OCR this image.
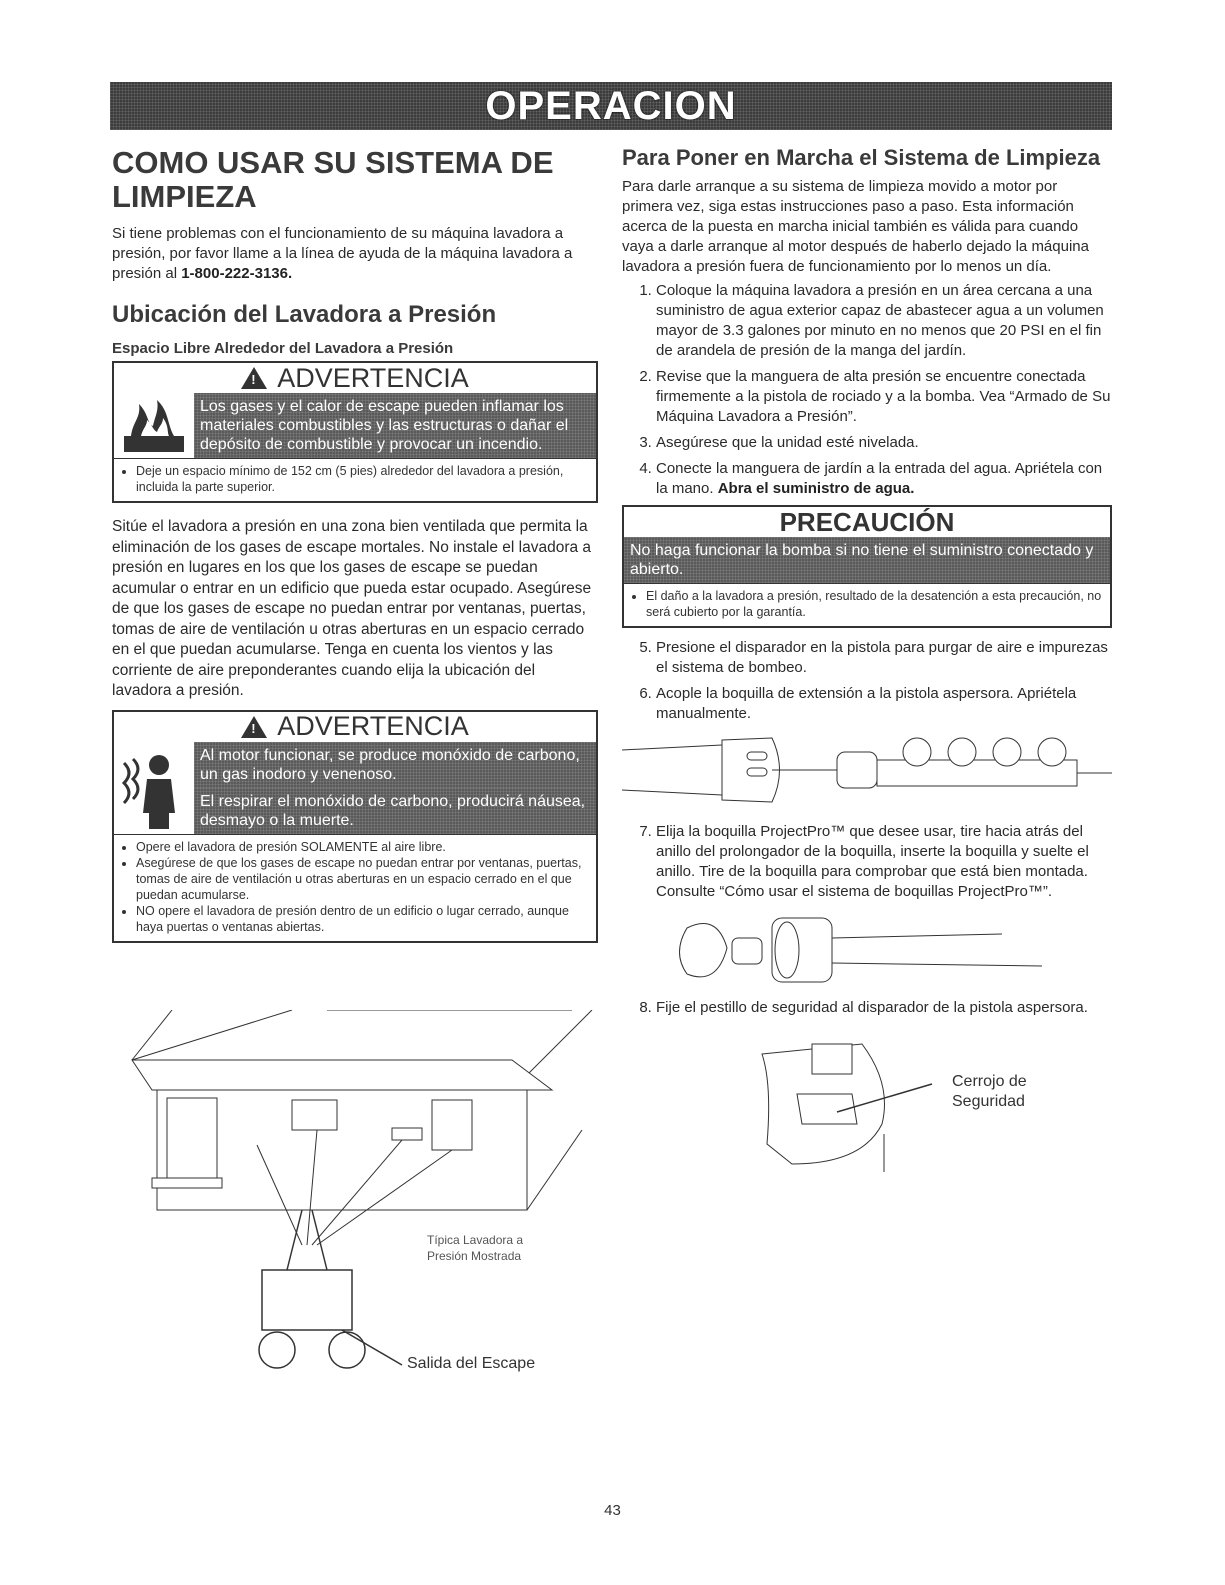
OPERACION
COMO USAR SU SISTEMA DE LIMPIEZA

Si tiene problemas con el funcionamiento de su máquina lavadora a presión, por favor llame a la línea de ayuda de la máquina lavadora a presión al 1-800-222-3136.

Ubicación del Lavadora a Presión
Espacio Libre Alrededor del Lavadora a Presión
!
ADVERTENCIA
Los gases y el calor de escape pueden inflamar los materiales combustibles y las estructuras o dañar el depósito de combustible y provocar un incendio.
• Deje un espacio mínimo de 152 cm (5 pies) alrededor del lavadora a presión, incluida la parte superior.

Sitúe el lavadora a presión en una zona bien ventilada que permita la eliminación de los gases de escape mortales. No instale el lavadora a presión en lugares en los que los gases de escape se puedan acumular o entrar en un edificio que pueda estar ocupado. Asegúrese de que los gases de escape no puedan entrar por ventanas, puertas, tomas de aire de ventilación u otras aberturas en un espacio cerrado en el que puedan acumularse. Tenga en cuenta los vientos y las corriente de aire preponderantes cuando elija la ubicación del lavadora a presión.

!
ADVERTENCIA
Al motor funcionar, se produce monóxido de carbono, un gas inodoro y venenoso.
El respirar el monóxido de carbono, producirá náusea, desmayo o la muerte.
• Opere el lavadora de presión SOLAMENTE al aire libre.
• Asegúrese de que los gases de escape no puedan entrar por ventanas, puertas, tomas de aire de ventilación u otras aberturas en un espacio cerrado en el que puedan acumularse.
• NO opere el lavadora de presión dentro de un edificio o lugar cerrado, aunque haya puertas o ventanas abiertas.
Típica Lavadora a
Presión Mostrada
Salida del Escape
Para Poner en Marcha el Sistema de Limpieza

Para darle arranque a su sistema de limpieza movido a motor por primera vez, siga estas instrucciones paso a paso. Esta información acerca de la puesta en marcha inicial también es válida para cuando vaya a darle arranque al motor después de haberlo dejado la máquina lavadora a presión fuera de funcionamiento por lo menos un día.

1. Coloque la máquina lavadora a presión en un área cercana a una suministro de agua exterior capaz de abastecer agua a un volumen mayor de 3.3 galones por minuto en no menos que 20 PSI en el fin de arandela de presión de la manga del jardín.
2. Revise que la manguera de alta presión se encuentre conectada firmemente a la pistola de rociado y a la bomba. Vea “Armado de Su Máquina Lavadora a Presión”.
3. Asegúrese que la unidad esté nivelada.
4. Conecte la manguera de jardín a la entrada del agua. Apriételа con la mano. Abra el suministro de agua.
PRECAUCIÓN
No haga funcionar la bomba si no tiene el suministro conectado y abierto.
• El daño a la lavadora a presión, resultado de la desatención a esta precaución, no será cubierto por la garantía.
5. Presione el disparador en la pistola para purgar de aire e impurezas el sistema de bombeo.
6. Acople la boquilla de extensión a la pistola aspersora. Apriétela manualmente.
7. Elija la boquilla ProjectPro™ que desee usar, tire hacia atrás del anillo del prolongador de la boquilla, inserte la boquilla y suelte el anillo. Tire de la boquilla para comprobar que está bien montada. Consulte “Cómo usar el sistema de boquillas ProjectPro™”.
8. Fije el pestillo de seguridad al disparador de la pistola aspersora.
Cerrojo de
Seguridad
43
